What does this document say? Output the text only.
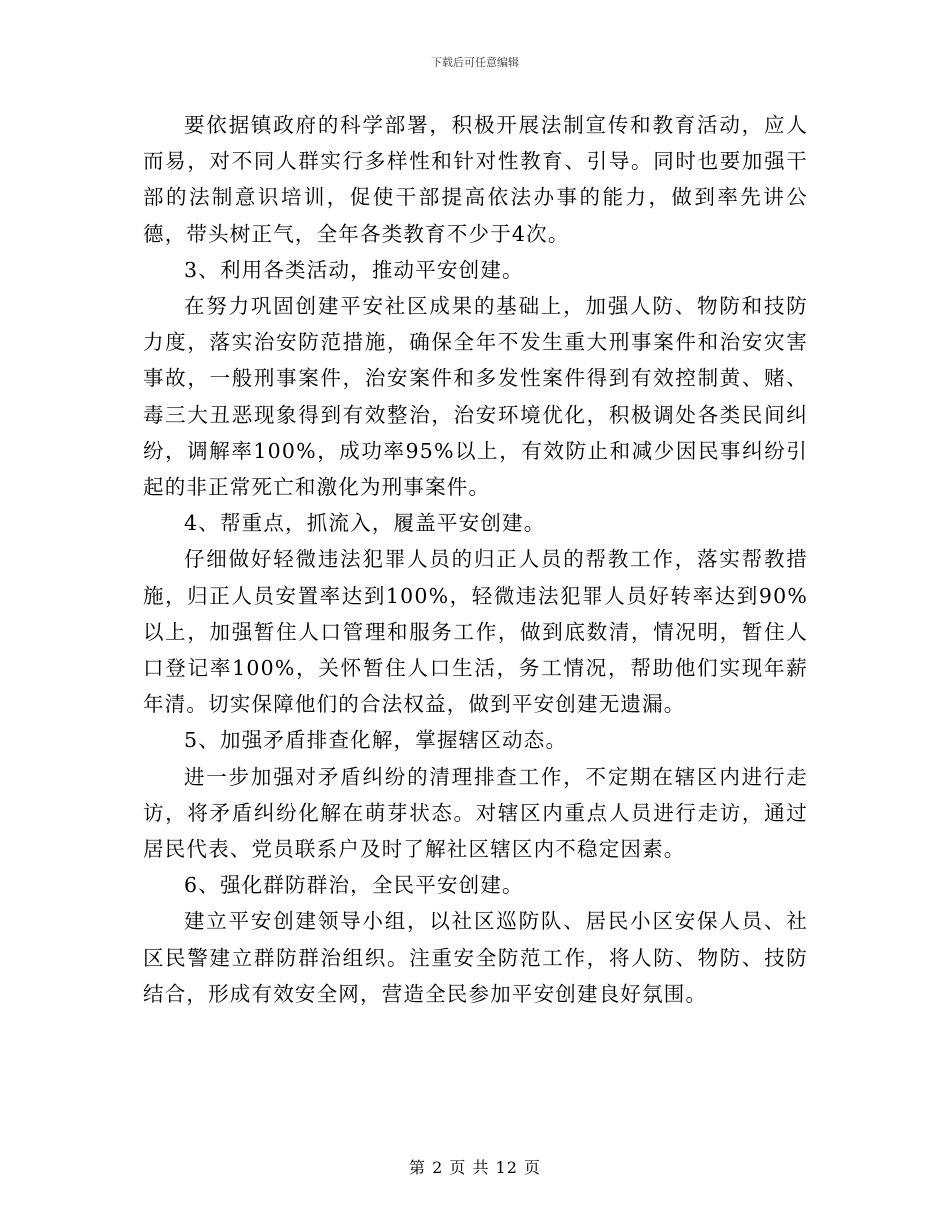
下载后可任意编辑

要依据镇政府的科学部署，积极开展法制宣传和教育活动，应人而易，对不同人群实行多样性和针对性教育、引导。同时也要加强干部的法制意识培训，促使干部提高依法办事的能力，做到率先讲公德，带头树正气，全年各类教育不少于4次。

3、利用各类活动，推动平安创建。

在努力巩固创建平安社区成果的基础上，加强人防、物防和技防力度，落实治安防范措施，确保全年不发生重大刑事案件和治安灾害事故，一般刑事案件，治安案件和多发性案件得到有效控制黄、赌、毒三大丑恶现象得到有效整治，治安环境优化，积极调处各类民间纠纷，调解率100%，成功率95%以上，有效防止和减少因民事纠纷引起的非正常死亡和激化为刑事案件。

4、帮重点，抓流入，履盖平安创建。

仔细做好轻微违法犯罪人员的归正人员的帮教工作，落实帮教措施，归正人员安置率达到100%，轻微违法犯罪人员好转率达到90%以上，加强暂住人口管理和服务工作，做到底数清，情况明，暂住人口登记率100%，关怀暂住人口生活，务工情况，帮助他们实现年薪年清。切实保障他们的合法权益，做到平安创建无遗漏。

5、加强矛盾排查化解，掌握辖区动态。

进一步加强对矛盾纠纷的清理排查工作，不定期在辖区内进行走访，将矛盾纠纷化解在萌芽状态。对辖区内重点人员进行走访，通过居民代表、党员联系户及时了解社区辖区内不稳定因素。

6、强化群防群治，全民平安创建。

建立平安创建领导小组，以社区巡防队、居民小区安保人员、社区民警建立群防群治组织。注重安全防范工作，将人防、物防、技防结合，形成有效安全网，营造全民参加平安创建良好氛围。

第 2 页 共 12 页
